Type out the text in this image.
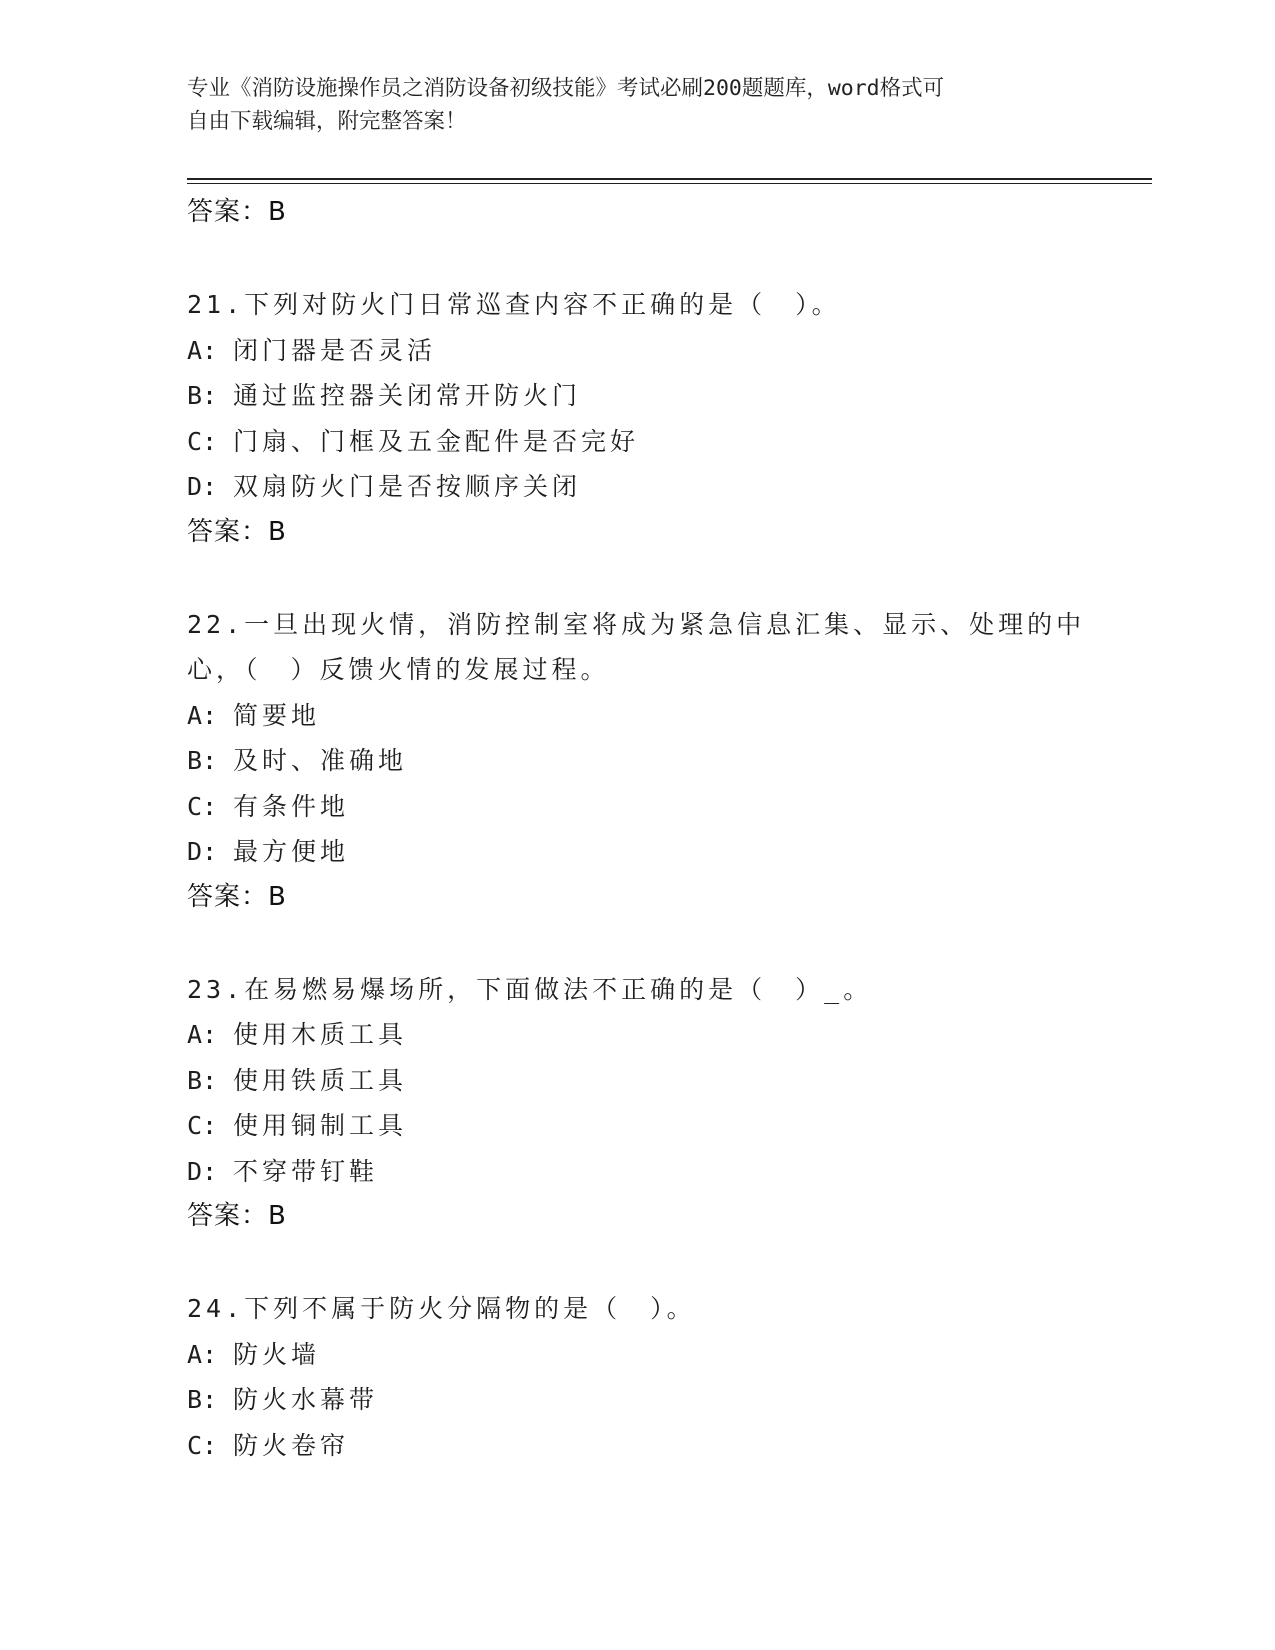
专业《消防设施操作员之消防设备初级技能》考试必刷200题题库，word格式可
自由下载编辑，附完整答案！
答案：B
21.下列对防火门日常巡查内容不正确的是（　）。
A: 闭门器是否灵活
B: 通过监控器关闭常开防火门
C: 门扇、门框及五金配件是否完好
D: 双扇防火门是否按顺序关闭
答案：B
22.一旦出现火情，消防控制室将成为紧急信息汇集、显示、处理的中
心，（　）反馈火情的发展过程。
A: 简要地
B: 及时、准确地
C: 有条件地
D: 最方便地
答案：B
23.在易燃易爆场所，下面做法不正确的是（　）_。
A: 使用木质工具
B: 使用铁质工具
C: 使用铜制工具
D: 不穿带钉鞋
答案：B
24.下列不属于防火分隔物的是（　）。
A: 防火墙
B: 防火水幕带
C: 防火卷帘
